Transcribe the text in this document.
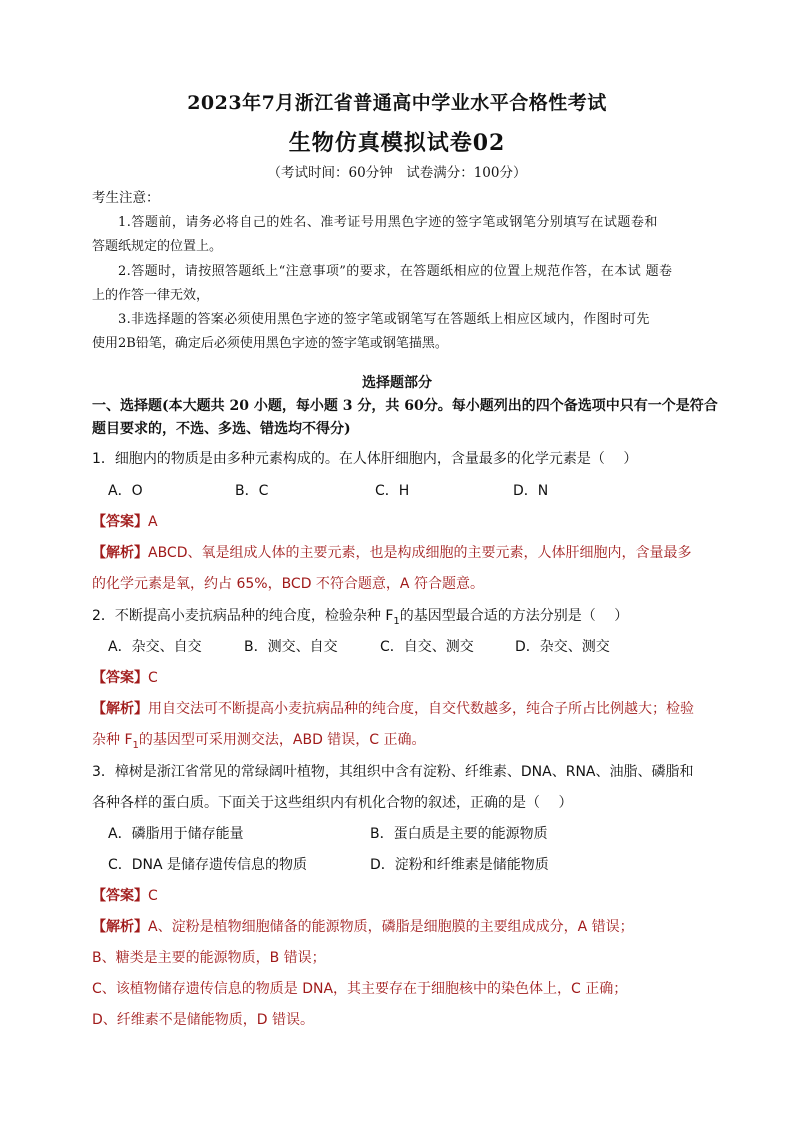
2023年7月浙江省普通高中学业水平合格性考试
生物仿真模拟试卷02
（考试时间：60分钟　试卷满分：100分）
考生注意：
1.答题前，请务必将自己的姓名、准考证号用黑色字迹的签字笔或钢笔分别填写在试题卷和
答题纸规定的位置上。
2.答题时，请按照答题纸上“注意事项”的要求，在答题纸相应的位置上规范作答，在本试 题卷
上的作答一律无效，
3.非选择题的答案必须使用黑色字迹的签字笔或钢笔写在答题纸上相应区域内，作图时可先
使用2B铅笔，确定后必须使用黑色字迹的签字笔或钢笔描黑。
选择题部分
一、选择题(本大题共 20 小题，每小题 3 分，共 60分。每小题列出的四个备选项中只有一个是符合
题目要求的，不选、多选、错选均不得分)
1．细胞内的物质是由多种元素构成的。在人体肝细胞内，含量最多的化学元素是（　 ）
A．O	B．C	C．H	D．N
【答案】A
【解析】ABCD、氧是组成人体的主要元素，也是构成细胞的主要元素，人体肝细胞内，含量最多
的化学元素是氧，约占 65%，BCD 不符合题意，A 符合题意。
2．不断提高小麦抗病品种的纯合度，检验杂种 $F_1$的基因型最合适的方法分别是（　 ）
A．杂交、自交	B．测交、自交	C．自交、测交	D．杂交、测交
【答案】C
【解析】用自交法可不断提高小麦抗病品种的纯合度，自交代数越多，纯合子所占比例越大；检验
杂种 $F_1$的基因型可采用测交法，ABD 错误，C 正确。
3．樟树是浙江省常见的常绿阔叶植物，其组织中含有淀粉、纤维素、DNA、RNA、油脂、磷脂和
各种各样的蛋白质。下面关于这些组织内有机化合物的叙述，正确的是（　 ）
A．磷脂用于储存能量	B．蛋白质是主要的能源物质
C．DNA 是储存遗传信息的物质	D．淀粉和纤维素是储能物质
【答案】C
【解析】A、淀粉是植物细胞储备的能源物质，磷脂是细胞膜的主要组成成分，A 错误；
B、糖类是主要的能源物质，B 错误；
C、该植物储存遗传信息的物质是 DNA，其主要存在于细胞核中的染色体上，C 正确；
D、纤维素不是储能物质，D 错误。
